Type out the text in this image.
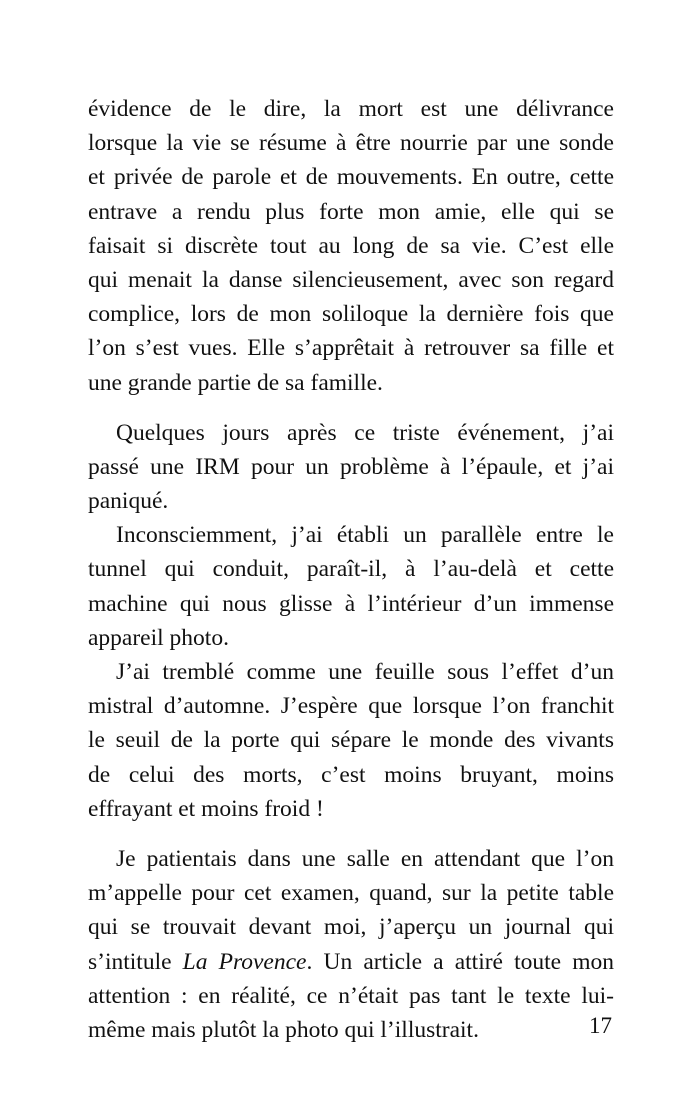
évidence de le dire, la mort est une délivrance
lorsque la vie se résume à être nourrie par une sonde
et privée de parole et de mouvements. En outre, cette
entrave a rendu plus forte mon amie, elle qui se
faisait si discrète tout au long de sa vie. C’est elle
qui menait la danse silencieusement, avec son regard
complice, lors de mon soliloque la dernière fois que
l’on s’est vues. Elle s’apprêtait à retrouver sa fille et
une grande partie de sa famille.
Quelques jours après ce triste événement, j’ai
passé une IRM pour un problème à l’épaule, et j’ai
paniqué.
Inconsciemment, j’ai établi un parallèle entre le
tunnel qui conduit, paraît-il, à l’au-delà et cette
machine qui nous glisse à l’intérieur d’un immense
appareil photo.
J’ai tremblé comme une feuille sous l’effet d’un
mistral d’automne. J’espère que lorsque l’on franchit
le seuil de la porte qui sépare le monde des vivants
de celui des morts, c’est moins bruyant, moins
effrayant et moins froid !
Je patientais dans une salle en attendant que l’on
m’appelle pour cet examen, quand, sur la petite table
qui se trouvait devant moi, j’aperçu un journal qui
s’intitule La Provence. Un article a attiré toute mon
attention : en réalité, ce n’était pas tant le texte lui-
même mais plutôt la photo qui l’illustrait.	17
